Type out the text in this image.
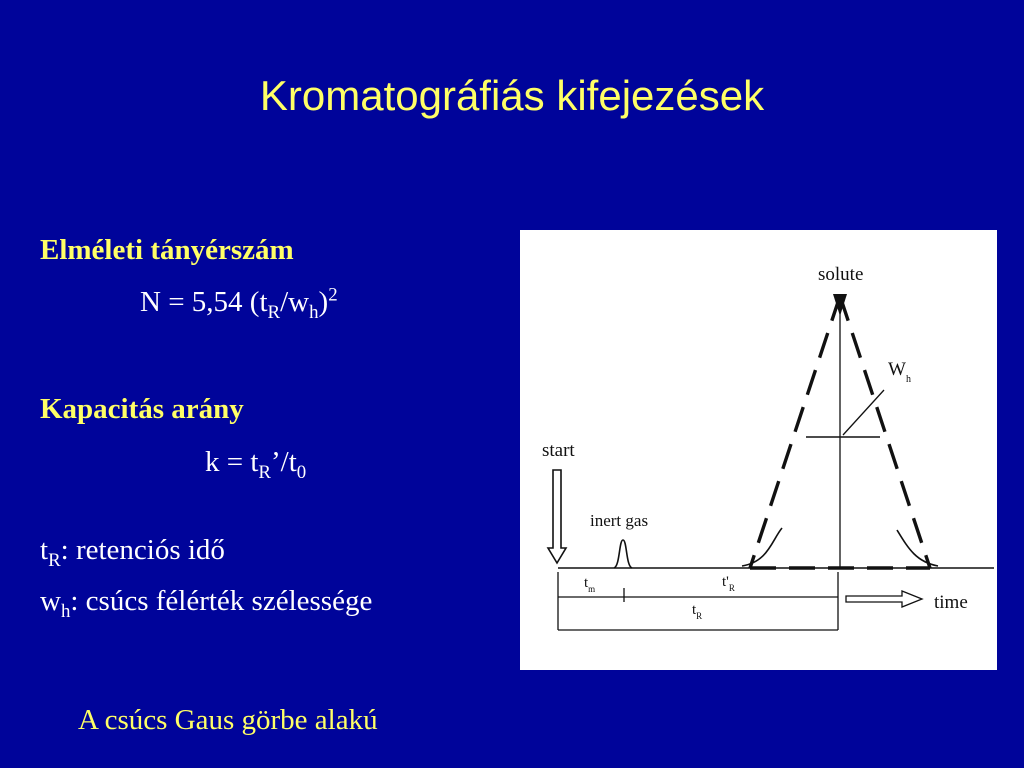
Kromatográfiás kifejezések
Elméleti tányérszám
N = 5,54 $(t_R/w_h)^2$
Kapacitás arány
$k = t_R’/t_0$
$t_R$: retenciós idő
$w_h$: csúcs félérték szélessége
A csúcs Gaus görbe alakú
solute
$W_h$
start
inert gas
$t_m$	$t'_R$
$t_R$
time
